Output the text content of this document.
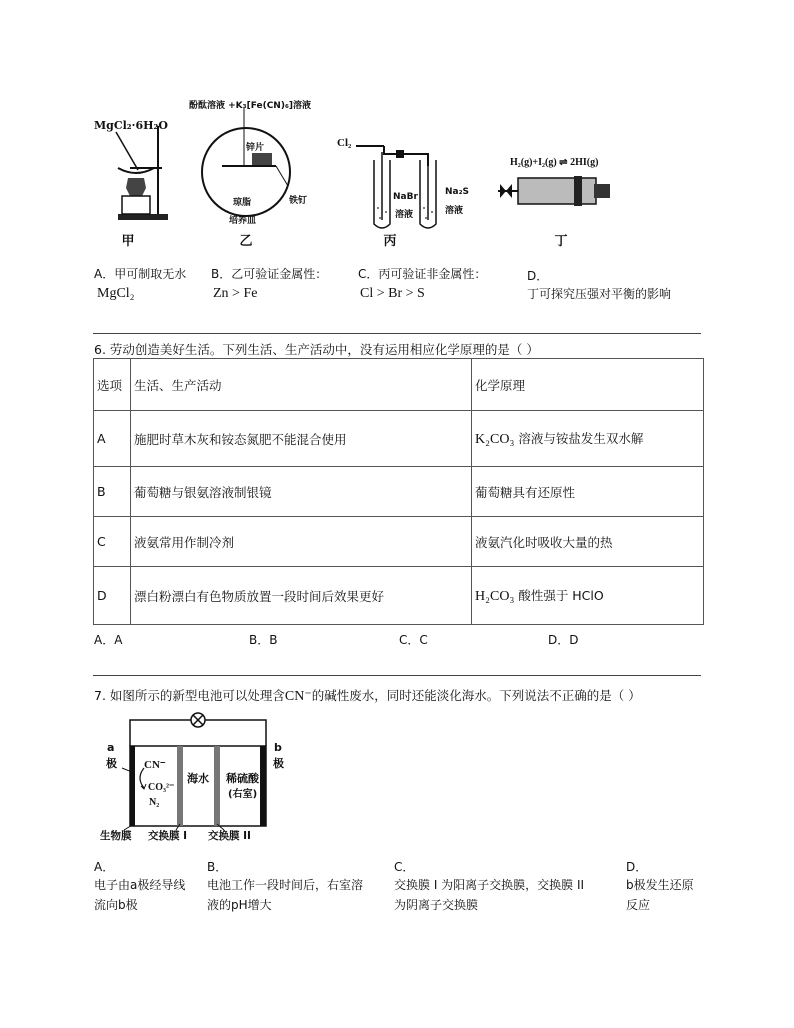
MgCl₂·6H₂O
甲
酚酞溶液 +K₃[Fe(CN)₆]溶液
锌片
琼脂
培养皿
铁钉
乙
Cl₂
NaBr
溶液
Na₂S
溶液
丙
H₂(g)+I₂(g) ⇌ 2HI(g)
丁
A．甲可制取无水
MgCl₂
B．乙可验证金属性：
Zn > Fe
C．丙可验证非金属性：
Cl > Br > S
D．
丁可探究压强对平衡的影响
6. 劳动创造美好生活。下列生活、生产活动中，没有运用相应化学原理的是（ ）
选项	生活、生产活动	化学原理
A	施肥时草木灰和铵态氮肥不能混合使用	K₂CO₃ 溶液与铵盐发生双水解
B	葡萄糖与银氨溶液制银镜	葡萄糖具有还原性
C	液氨常用作制冷剂	液氨汽化时吸收大量的热
D	漂白粉漂白有色物质放置一段时间后效果更好	H₂CO₃ 酸性强于 HClO
A．A	B．B	C．C	D．D
7. 如图所示的新型电池可以处理含CN⁻的碱性废水，同时还能淡化海水。下列说法不正确的是（ ）
a
极
b
极
CN⁻
CO₃²⁻
N₂
海水 稀硫酸
(右室)
生物膜 交换膜 I 交换膜 II
A．
电子由a极经导线
流向b极
B．
电池工作一段时间后，右室溶
液的pH增大
C．
交换膜 I 为阳离子交换膜，交换膜 II
为阴离子交换膜
D．
b极发生还原
反应
